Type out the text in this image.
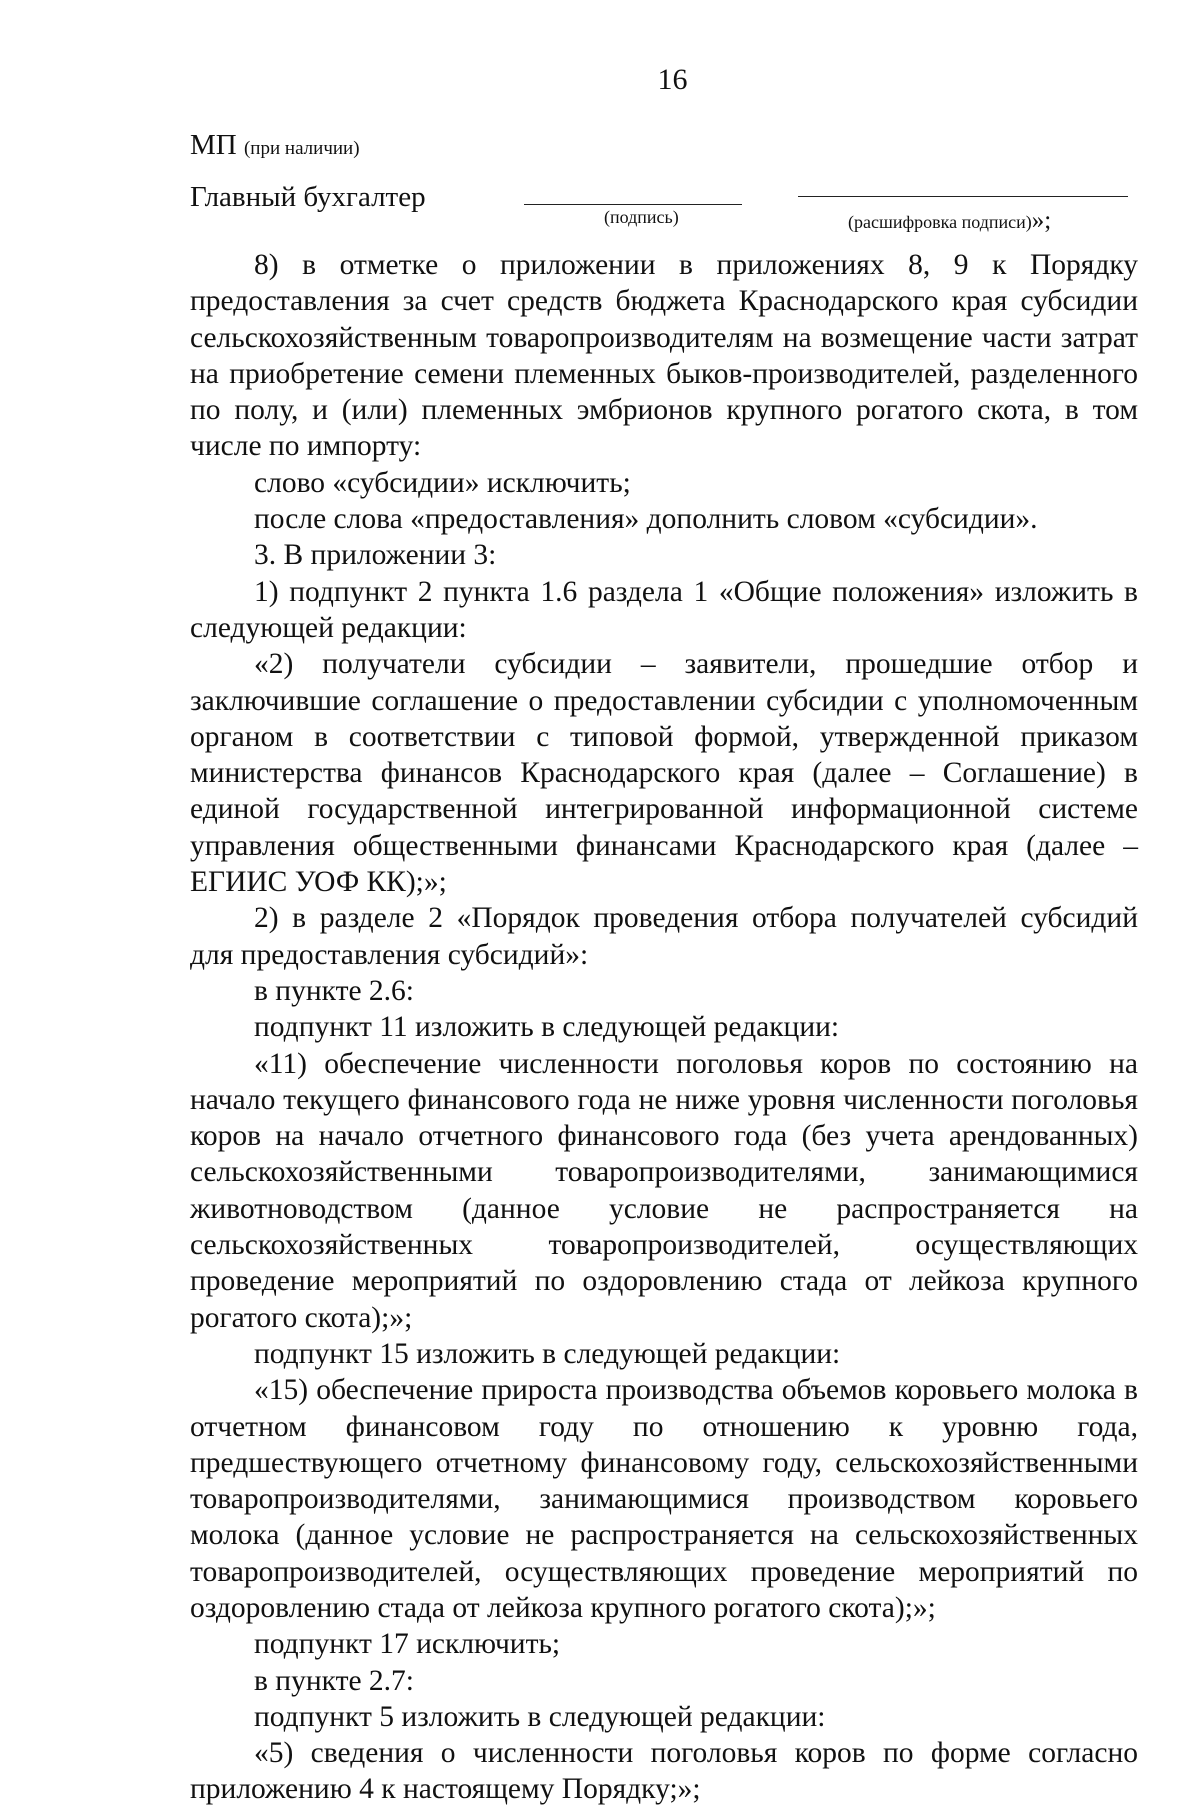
16
МП (при наличии)
Главный бухгалтер
(подпись)	(расшифровка подписи)»;

8) в отметке о приложении в приложениях 8, 9 к Порядку предоставления за счет средств бюджета Краснодарского края субсидии сельскохозяйственным товаропроизводителям на возмещение части затрат на приобретение семени племенных быков-производителей, разделенного по полу, и (или) племенных эмбрионов крупного рогатого скота, в том числе по импорту:

слово «субсидии» исключить;

после слова «предоставления» дополнить словом «субсидии».

3. В приложении 3:

1) подпункт 2 пункта 1.6 раздела 1 «Общие положения» изложить в следующей редакции:

«2) получатели субсидии – заявители, прошедшие отбор и заключившие соглашение о предоставлении субсидии с уполномоченным органом в соответствии с типовой формой, утвержденной приказом министерства финансов Краснодарского края (далее – Соглашение) в единой государственной интегрированной информационной системе управления общественными финансами Краснодарского края (далее – ЕГИИС УОФ КК);»;

2) в разделе 2 «Порядок проведения отбора получателей субсидий для предоставления субсидий»:

в пункте 2.6:

подпункт 11 изложить в следующей редакции:

«11) обеспечение численности поголовья коров по состоянию на начало текущего финансового года не ниже уровня численности поголовья коров на начало отчетного финансового года (без учета арендованных) сельскохозяйственными товаропроизводителями, занимающимися животноводством (данное условие не распространяется на сельскохозяйственных товаропроизводителей, осуществляющих проведение мероприятий по оздоровлению стада от лейкоза крупного рогатого скота);»;

подпункт 15 изложить в следующей редакции:

«15) обеспечение прироста производства объемов коровьего молока в отчетном финансовом году по отношению к уровню года, предшествующего отчетному финансовому году, сельскохозяйственными товаропроизводителями, занимающимися производством коровьего молока (данное условие не распространяется на сельскохозяйственных товаропроизводителей, осуществляющих проведение мероприятий по оздоровлению стада от лейкоза крупного рогатого скота);»;

подпункт 17 исключить;

в пункте 2.7:

подпункт 5 изложить в следующей редакции:

«5) сведения о численности поголовья коров по форме согласно приложению 4 к настоящему Порядку;»;
